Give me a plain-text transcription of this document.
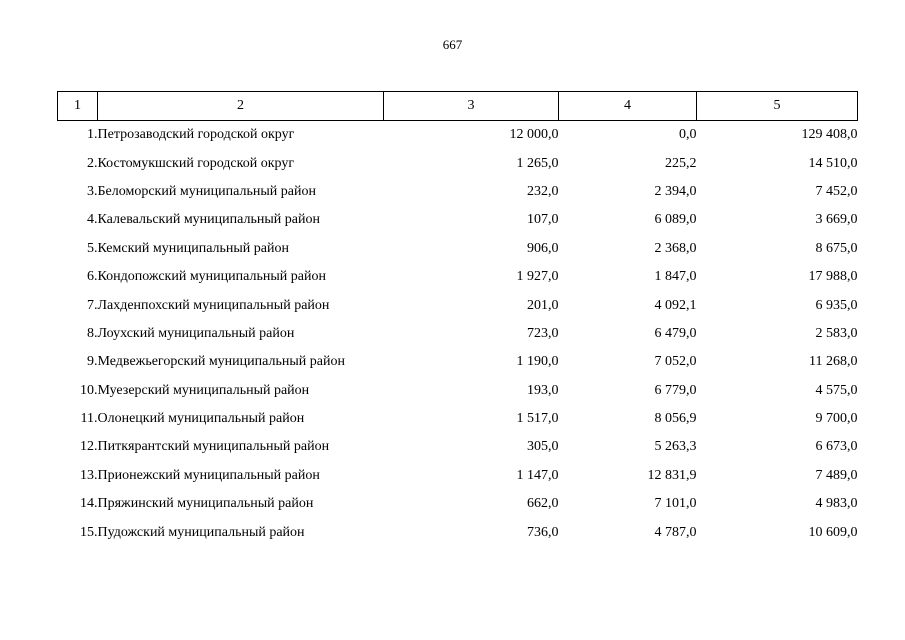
667
1	2	3	4	5
1.	Петрозаводский городской округ	12 000,0	0,0	129 408,0
2.	Костомукшский городской округ	1 265,0	225,2	14 510,0
3.	Беломорский муниципальный район	232,0	2 394,0	7 452,0
4.	Калевальский муниципальный район	107,0	6 089,0	3 669,0
5.	Кемский муниципальный район	906,0	2 368,0	8 675,0
6.	Кондопожский муниципальный район	1 927,0	1 847,0	17 988,0
7.	Лахденпохский муниципальный район	201,0	4 092,1	6 935,0
8.	Лоухский муниципальный район	723,0	6 479,0	2 583,0
9.	Медвежьегорский муниципальный район	1 190,0	7 052,0	11 268,0
10.	Муезерский муниципальный район	193,0	6 779,0	4 575,0
11.	Олонецкий муниципальный район	1 517,0	8 056,9	9 700,0
12.	Питкярантский муниципальный район	305,0	5 263,3	6 673,0
13.	Прионежский муниципальный район	1 147,0	12 831,9	7 489,0
14.	Пряжинский муниципальный район	662,0	7 101,0	4 983,0
15.	Пудожский муниципальный район	736,0	4 787,0	10 609,0
